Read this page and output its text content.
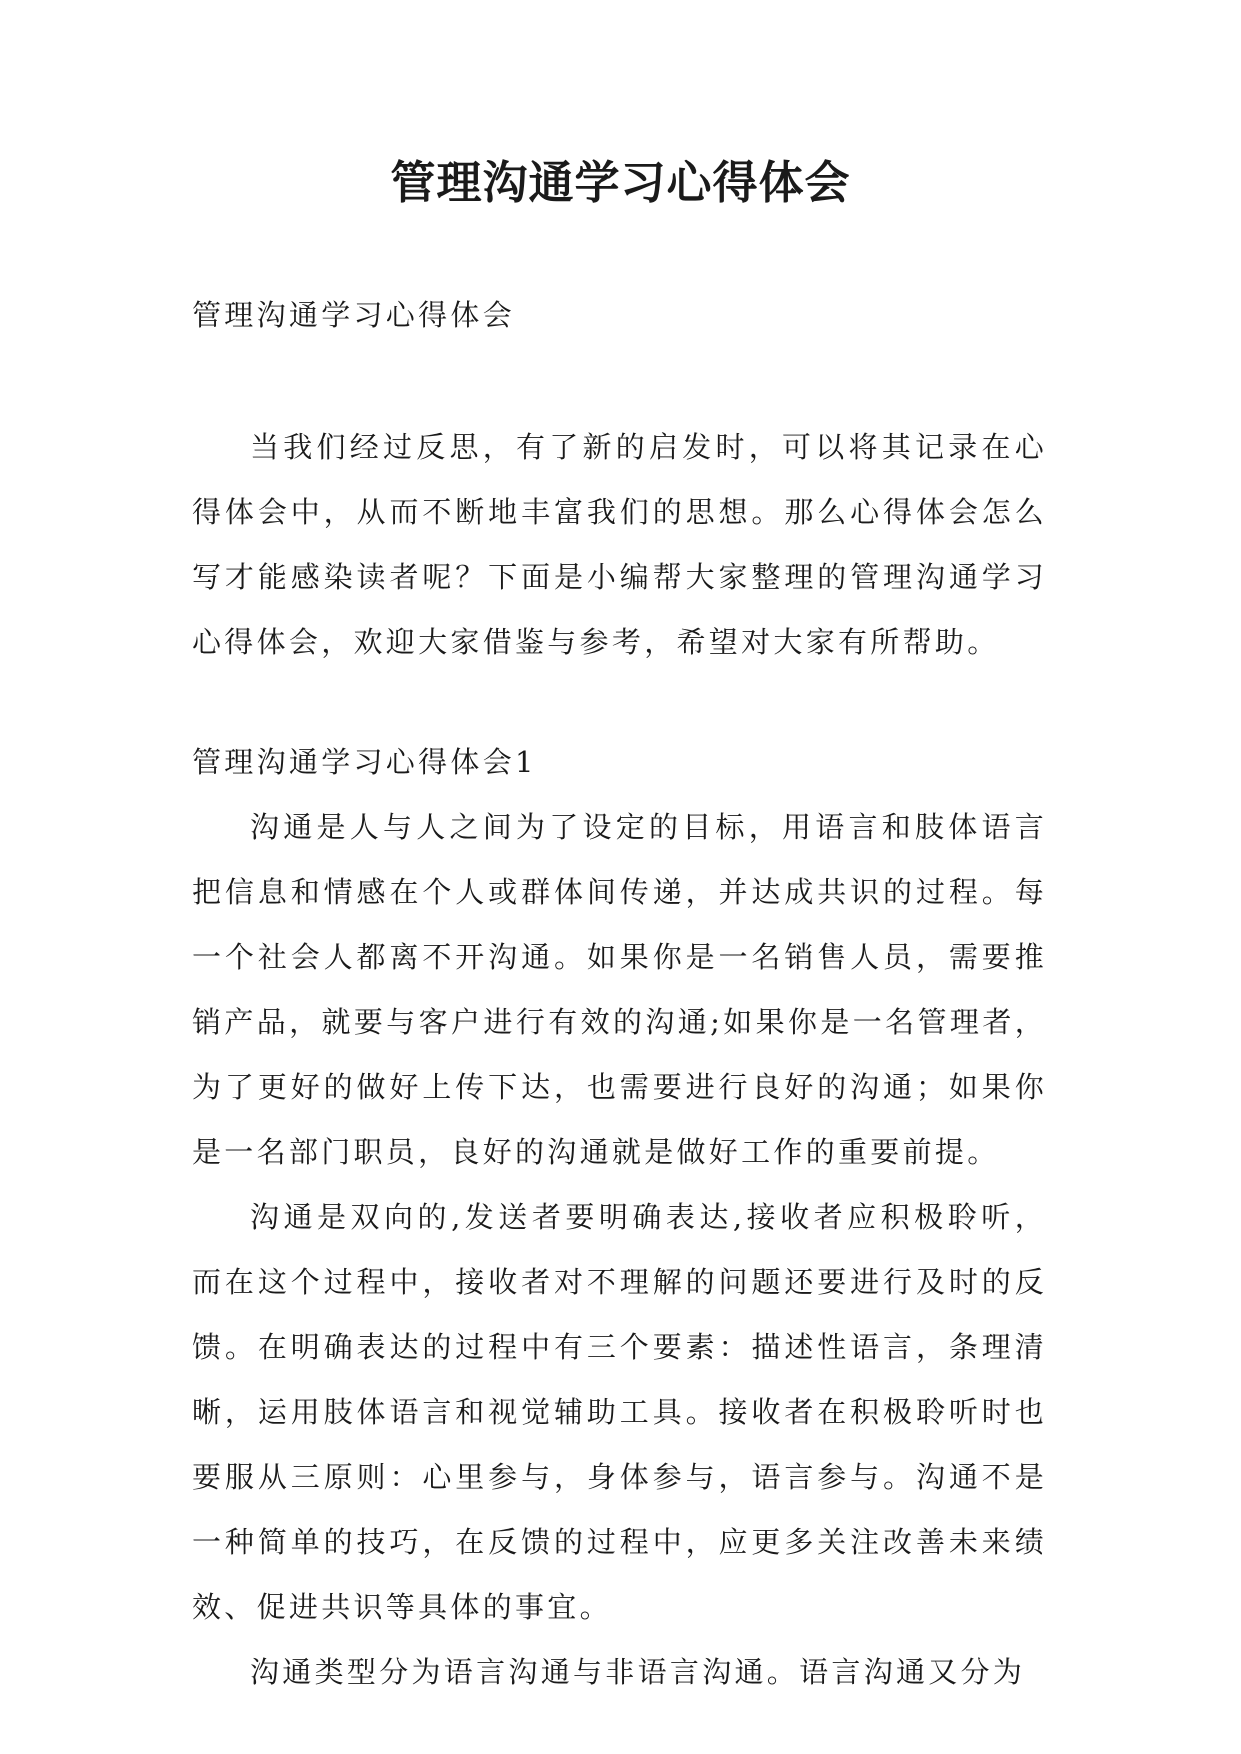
管理沟通学习心得体会

管理沟通学习心得体会

当我们经过反思，有了新的启发时，可以将其记录在心得体会中，从而不断地丰富我们的思想。那么心得体会怎么写才能感染读者呢？下面是小编帮大家整理的管理沟通学习心得体会，欢迎大家借鉴与参考，希望对大家有所帮助。

管理沟通学习心得体会1

沟通是人与人之间为了设定的目标，用语言和肢体语言把信息和情感在个人或群体间传递，并达成共识的过程。每一个社会人都离不开沟通。如果你是一名销售人员，需要推销产品，就要与客户进行有效的沟通;如果你是一名管理者，为了更好的做好上传下达，也需要进行良好的沟通；如果你是一名部门职员，良好的沟通就是做好工作的重要前提。

沟通是双向的,发送者要明确表达,接收者应积极聆听，而在这个过程中，接收者对不理解的问题还要进行及时的反馈。在明确表达的过程中有三个要素：描述性语言，条理清晰，运用肢体语言和视觉辅助工具。接收者在积极聆听时也要服从三原则：心里参与，身体参与，语言参与。沟通不是一种简单的技巧，在反馈的过程中，应更多关注改善未来绩效、促进共识等具体的事宜。

沟通类型分为语言沟通与非语言沟通。语言沟通又分为
